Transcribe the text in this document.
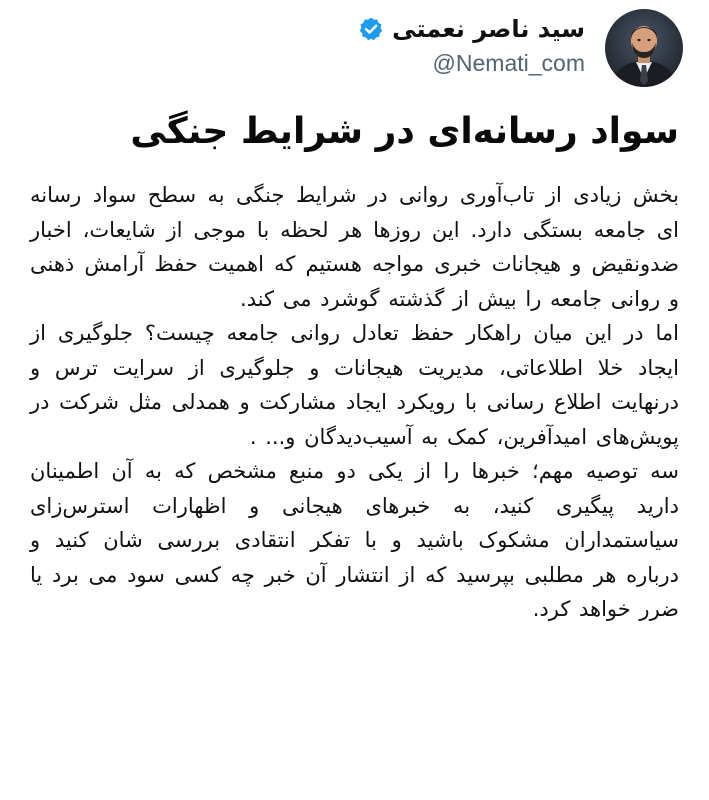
سید ناصر نعمتی
@Nemati_com
سواد رسانه‌ای در شرایط جنگی

بخش زیادی از تاب‌آوری روانی در شرایط جنگی به سطح سواد رسانه ای جامعه بستگی دارد. این روزها هر لحظه با موجی از شایعات، اخبار ضدونقیض و هیجانات خبری مواجه هستیم که اهمیت حفظ آرامش ذهنی و روانی جامعه را بیش از گذشته گوشرد می کند.

اما در این میان راهکار حفظ تعادل روانی جامعه چیست؟ جلوگیری از ایجاد خلا اطلاعاتی، مدیریت هیجانات و جلوگیری از سرایت ترس و درنهایت اطلاع رسانی با رویکرد ایجاد مشارکت و همدلی مثل شرکت در پویش‌های امیدآفرین، کمک به آسیب‌دیدگان و... .

سه توصیه مهم؛ خبرها را از یکی دو منبع مشخص که به آن اطمینان دارید پیگیری کنید، به خبرهای هیجانی و اظهارات استرس‌زای سیاستمداران مشکوک باشید و با تفکر انتقادی بررسی شان کنید و درباره هر مطلبی بپرسید که از انتشار آن خبر چه کسی سود می برد یا ضرر خواهد کرد.
